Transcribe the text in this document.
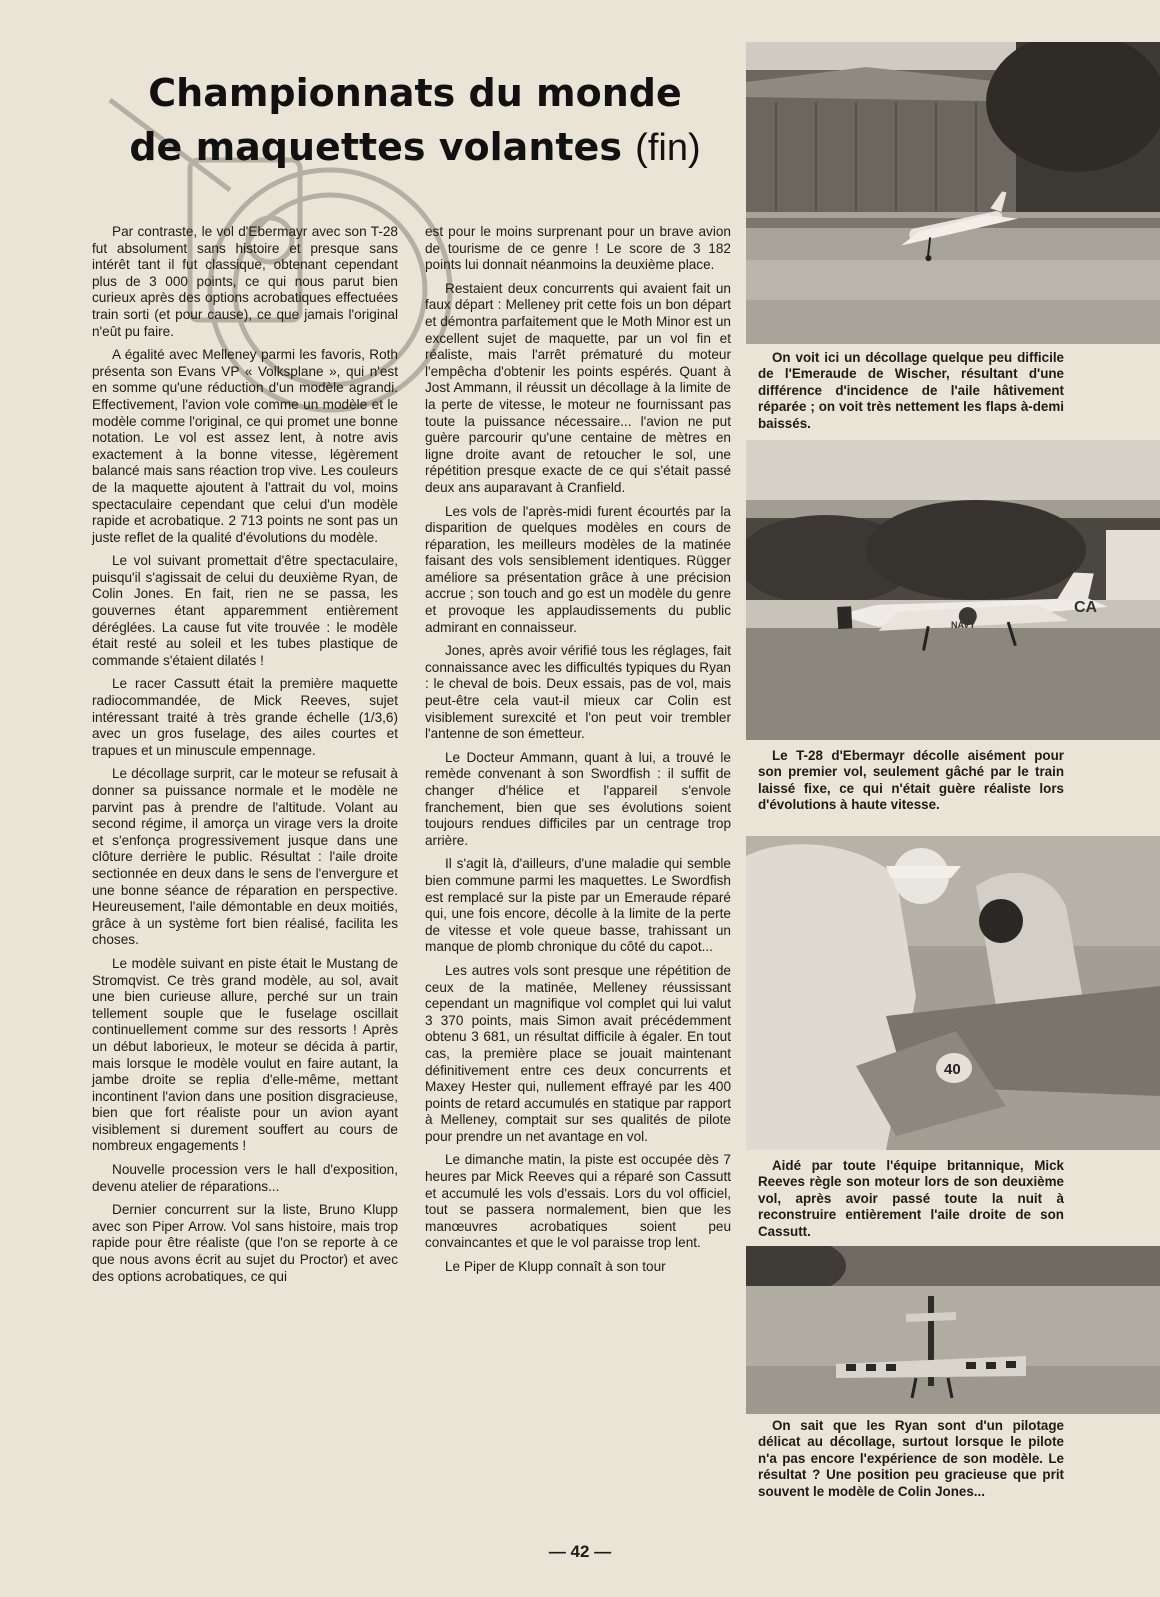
Championnats du monde
de maquettes volantes (fin)

Par contraste, le vol d'Ebermayr avec son T-28 fut absolument sans histoire et presque sans intérêt tant il fut classique, obtenant cependant plus de 3 000 points, ce qui nous parut bien curieux après des options acrobatiques effectuées train sorti (et pour cause), ce que jamais l'original n'eût pu faire.

A égalité avec Melleney parmi les favoris, Roth présenta son Evans VP « Volksplane », qui n'est en somme qu'une réduction d'un modèle agrandi. Effectivement, l'avion vole comme un modèle et le modèle comme l'original, ce qui promet une bonne notation. Le vol est assez lent, à notre avis exactement à la bonne vitesse, légèrement balancé mais sans réaction trop vive. Les couleurs de la maquette ajoutent à l'attrait du vol, moins spectaculaire cependant que celui d'un modèle rapide et acrobatique. 2 713 points ne sont pas un juste reflet de la qualité d'évolutions du modèle.

Le vol suivant promettait d'être spectaculaire, puisqu'il s'agissait de celui du deuxième Ryan, de Colin Jones. En fait, rien ne se passa, les gouvernes étant apparemment entièrement déréglées. La cause fut vite trouvée : le modèle était resté au soleil et les tubes plastique de commande s'étaient dilatés !

Le racer Cassutt était la première maquette radiocommandée, de Mick Reeves, sujet intéressant traité à très grande échelle (1/3,6) avec un gros fuselage, des ailes courtes et trapues et un minuscule empennage.

Le décollage surprit, car le moteur se refusait à donner sa puissance normale et le modèle ne parvint pas à prendre de l'altitude. Volant au second régime, il amorça un virage vers la droite et s'enfonça progressivement jusque dans une clôture derrière le public. Résultat : l'aile droite sectionnée en deux dans le sens de l'envergure et une bonne séance de réparation en perspective. Heureusement, l'aile démontable en deux moitiés, grâce à un système fort bien réalisé, facilita les choses.

Le modèle suivant en piste était le Mustang de Stromqvist. Ce très grand modèle, au sol, avait une bien curieuse allure, perché sur un train tellement souple que le fuselage oscillait continuellement comme sur des ressorts ! Après un début laborieux, le moteur se décida à partir, mais lorsque le modèle voulut en faire autant, la jambe droite se replia d'elle-même, mettant incontinent l'avion dans une position disgracieuse, bien que fort réaliste pour un avion ayant visiblement si durement souffert au cours de nombreux engagements !

Nouvelle procession vers le hall d'exposition, devenu atelier de réparations...

Dernier concurrent sur la liste, Bruno Klupp avec son Piper Arrow. Vol sans histoire, mais trop rapide pour être réaliste (que l'on se reporte à ce que nous avons écrit au sujet du Proctor) et avec des options acrobatiques, ce qui

est pour le moins surprenant pour un brave avion de tourisme de ce genre ! Le score de 3 182 points lui donnait néanmoins la deuxième place.

Restaient deux concurrents qui avaient fait un faux départ : Melleney prit cette fois un bon départ et démontra parfaitement que le Moth Minor est un excellent sujet de maquette, par un vol fin et réaliste, mais l'arrêt prématuré du moteur l'empêcha d'obtenir les points espérés. Quant à Jost Ammann, il réussit un décollage à la limite de la perte de vitesse, le moteur ne fournissant pas toute la puissance nécessaire... l'avion ne put guère parcourir qu'une centaine de mètres en ligne droite avant de retoucher le sol, une répétition presque exacte de ce qui s'était passé deux ans auparavant à Cranfield.

Les vols de l'après-midi furent écourtés par la disparition de quelques modèles en cours de réparation, les meilleurs modèles de la matinée faisant des vols sensiblement identiques. Rügger améliore sa présentation grâce à une précision accrue ; son touch and go est un modèle du genre et provoque les applaudissements du public admirant en connaisseur.

Jones, après avoir vérifié tous les réglages, fait connaissance avec les difficultés typiques du Ryan : le cheval de bois. Deux essais, pas de vol, mais peut-être cela vaut-il mieux car Colin est visiblement surexcité et l'on peut voir trembler l'antenne de son émetteur.

Le Docteur Ammann, quant à lui, a trouvé le remède convenant à son Swordfish : il suffit de changer d'hélice et l'appareil s'envole franchement, bien que ses évolutions soient toujours rendues difficiles par un centrage trop arrière.

Il s'agit là, d'ailleurs, d'une maladie qui semble bien commune parmi les maquettes. Le Swordfish est remplacé sur la piste par un Emeraude réparé qui, une fois encore, décolle à la limite de la perte de vitesse et vole queue basse, trahissant un manque de plomb chronique du côté du capot...

Les autres vols sont presque une répétition de ceux de la matinée, Melleney réussissant cependant un magnifique vol complet qui lui valut 3 370 points, mais Simon avait précédemment obtenu 3 681, un résultat difficile à égaler. En tout cas, la première place se jouait maintenant définitivement entre ces deux concurrents et Maxey Hester qui, nullement effrayé par les 400 points de retard accumulés en statique par rapport à Melleney, comptait sur ses qualités de pilote pour prendre un net avantage en vol.

Le dimanche matin, la piste est occupée dès 7 heures par Mick Reeves qui a réparé son Cassutt et accumulé les vols d'essais. Lors du vol officiel, tout se passera normalement, bien que les manœuvres acrobatiques soient peu convaincantes et que le vol paraisse trop lent.

Le Piper de Klupp connaît à son tour

On voit ici un décollage quelque peu difficile de l'Emeraude de Wischer, résultant d'une différence d'incidence de l'aile hâtivement réparée ; on voit très nettement les flaps à-demi baissés.

CA
NAVY

Le T-28 d'Ebermayr décolle aisément pour son premier vol, seulement gâché par le train laissé fixe, ce qui n'était guère réaliste lors d'évolutions à haute vitesse.

40

Aidé par toute l'équipe britannique, Mick Reeves règle son moteur lors de son deuxième vol, après avoir passé toute la nuit à reconstruire entièrement l'aile droite de son Cassutt.

On sait que les Ryan sont d'un pilotage délicat au décollage, surtout lorsque le pilote n'a pas encore l'expérience de son modèle. Le résultat ? Une position peu gracieuse que prit souvent le modèle de Colin Jones...

— 42 —
